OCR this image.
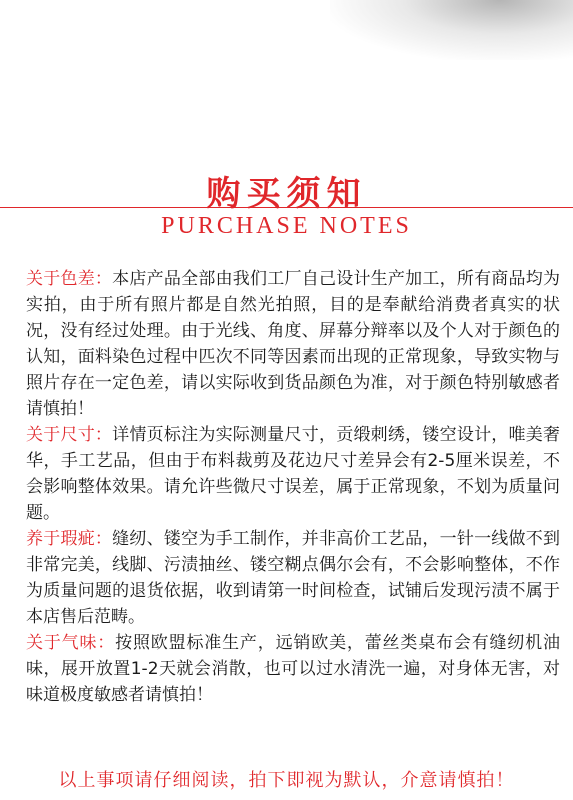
购买须知
PURCHASE NOTES

关于色差：本店产品全部由我们工厂自己设计生产加工，所有商品均为实拍，由于所有照片都是自然光拍照，目的是奉献给消费者真实的状况，没有经过处理。由于光线、角度、屏幕分辩率以及个人对于颜色的认知，面料染色过程中匹次不同等因素而出现的正常现象，导致实物与照片存在一定色差，请以实际收到货品颜色为准，对于颜色特别敏感者请慎拍！

关于尺寸：详情页标注为实际测量尺寸，贡缎刺绣，镂空设计，唯美奢华，手工艺品，但由于布料裁剪及花边尺寸差异会有2-5厘米误差，不会影响整体效果。请允许些微尺寸误差，属于正常现象，不划为质量问题。

养于瑕疵：缝纫、镂空为手工制作，并非高价工艺品，一针一线做不到非常完美，线脚、污渍抽丝、镂空糊点偶尔会有，不会影响整体，不作为质量问题的退货依据，收到请第一时间检查，试铺后发现污渍不属于本店售后范畴。

关于气味：按照欧盟标准生产，远销欧美，蕾丝类桌布会有缝纫机油味，展开放置1-2天就会消散，也可以过水清洗一遍，对身体无害，对味道极度敏感者请慎拍！

以上事项请仔细阅读，拍下即视为默认，介意请慎拍！
